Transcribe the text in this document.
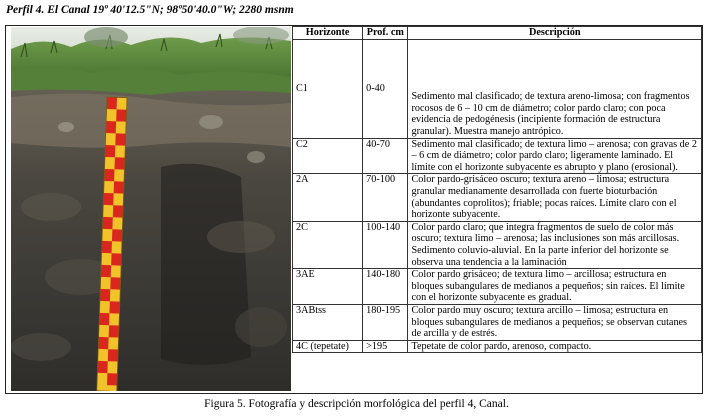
Perfil 4. El Canal 19º 40'12.5"N; 98º50'40.0"W; 2280 msnm
Horizonte	Prof. cm	Descripción
C1	0-40	Sedimento mal clasificado; de textura areno-limosa; con fragmentos rocosos de 6 – 10 cm de diámetro; color pardo claro; con poca evidencia de pedogénesis (incipiente formación de estructura granular). Muestra manejo antrópico.
C2	40-70	Sedimento mal clasificado; de textura limo – arenosa; con gravas de 2 – 6 cm de diámetro; color pardo claro; ligeramente laminado. El límite con el horizonte subyacente es abrupto y plano (erosional).
2A	70-100	Color pardo-grisáceo oscuro; textura areno – limosa; estructura granular medianamente desarrollada con fuerte bioturbación (abundantes coprolitos); friable; pocas raíces. Límite claro con el horizonte subyacente.
2C	100-140	Color pardo claro; que integra fragmentos de suelo de color más oscuro; textura limo – arenosa; las inclusiones son más arcillosas. Sedimento coluvio-aluvial. En la parte inferior del horizonte se observa una tendencia a la laminación
3AE	140-180	Color pardo grisáceo; de textura limo – arcillosa; estructura en bloques subangulares de medianos a pequeños; sin raíces. El límite con el horizonte subyacente es gradual.
3ABtss	180-195	Color pardo muy oscuro; textura arcillo – limosa; estructura en bloques subangulares de medianos a pequeños; se observan cutanes de arcilla y de estrés.
4C (tepetate)	>195	Tepetate de color pardo, arenoso, compacto.
Figura 5. Fotografía y descripción morfológica del perfil 4, Canal.
